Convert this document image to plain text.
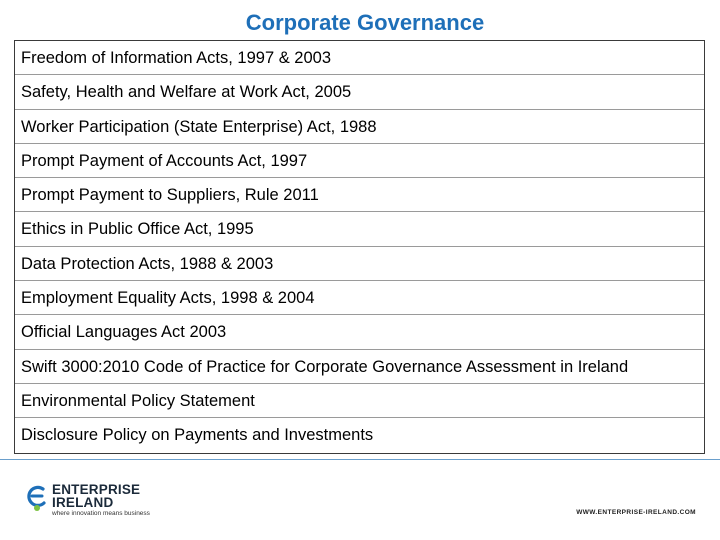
Corporate Governance
Freedom of Information Acts, 1997 & 2003
Safety, Health and Welfare at Work Act, 2005
Worker Participation (State Enterprise) Act, 1988
Prompt Payment of Accounts Act, 1997
Prompt Payment to Suppliers, Rule 2011
Ethics in Public Office Act, 1995
Data Protection Acts, 1988 & 2003
Employment Equality Acts, 1998 & 2004
Official Languages Act 2003
Swift 3000:2010 Code of Practice for Corporate Governance Assessment in Ireland
Environmental Policy Statement
Disclosure Policy on Payments and Investments
ENTERPRISE
IRELAND
where innovation means business	WWW.ENTERPRISE-IRELAND.COM
